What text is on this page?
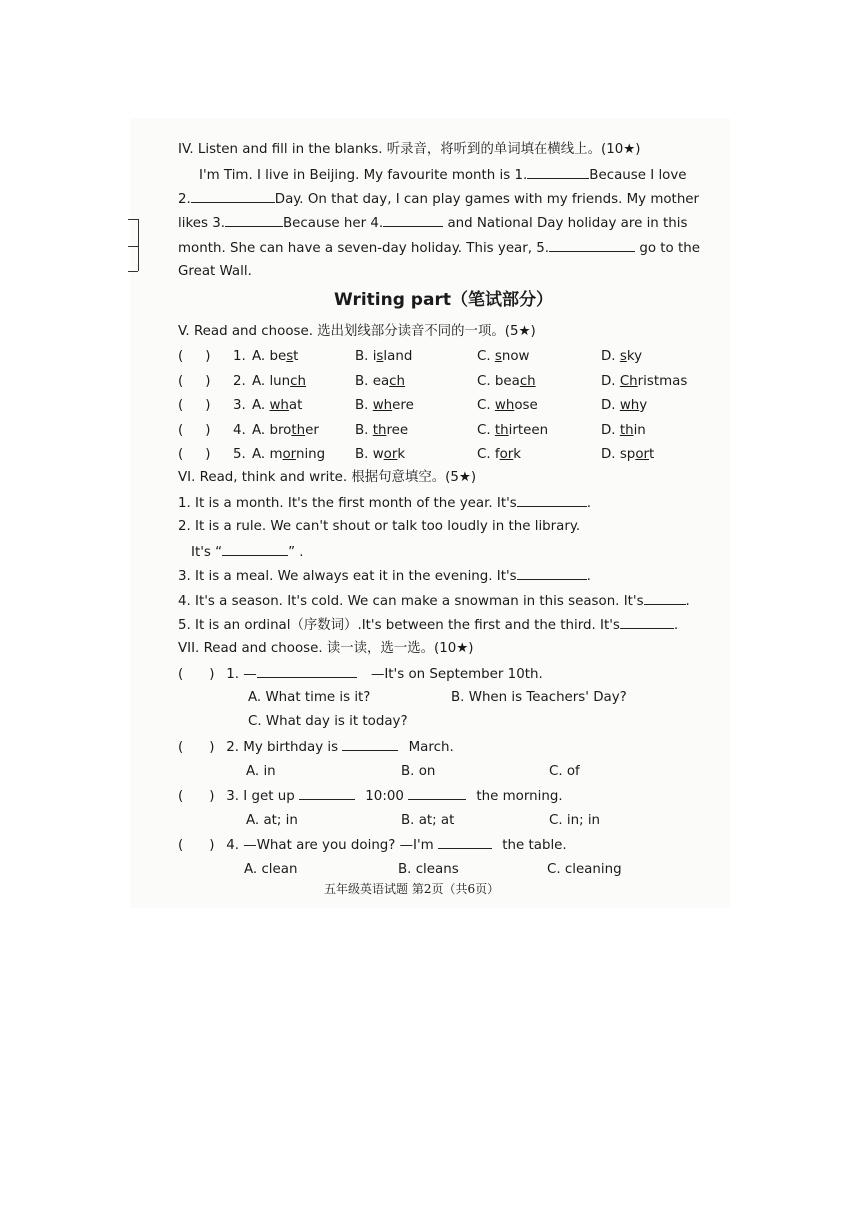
IV. Listen and fill in the blanks. 听录音，将听到的单词填在横线上。(10★)
I'm Tim. I live in Beijing. My favourite month is 1.	Because I love
2.	Day. On that day, I can play games with my friends. My mother
likes 3.	Because her 4.	and National Day holiday are in this
month. She can have a seven-day holiday. This year, 5.	go to the
Great Wall.
Writing part（笔试部分）
V. Read and choose. 选出划线部分读音不同的一项。(5★)
( ) 1. A. best	B. island	C. snow	D. sky
( ) 2. A. lunch	B. each	C. beach	D. Christmas
( ) 3. A. what	B. where	C. whose	D. why
( ) 4. A. brother	B. three	C. thirteen	D. thin
( ) 5. A. morning B. work	C. fork	D. sport
VI. Read, think and write. 根据句意填空。(5★)
1. It is a month. It's the first month of the year. It's	.
2. It is a rule. We can't shout or talk too loudly in the library.
It's “	” .
3. It is a meal. We always eat it in the evening. It's	.
4. It's a season. It's cold. We can make a snowman in this season. It's	.
5. It is an ordinal（序数词）.It's between the first and the third. It's	.
VII. Read and choose. 读一读，选一选。(10★)
( ) 1. —	—It's on September 10th.
A. What time is it?	B. When is Teachers' Day?
C. What day is it today?
( ) 2. My birthday is	March.
A. in	B. on	C. of
( ) 3. I get up	10:00	the morning.
A. at; in	B. at; at	C. in; in
( ) 4. —What are you doing? —I'm	the table.
A. clean	B. cleans	C. cleaning
五年级英语试题 第2页（共6页）
